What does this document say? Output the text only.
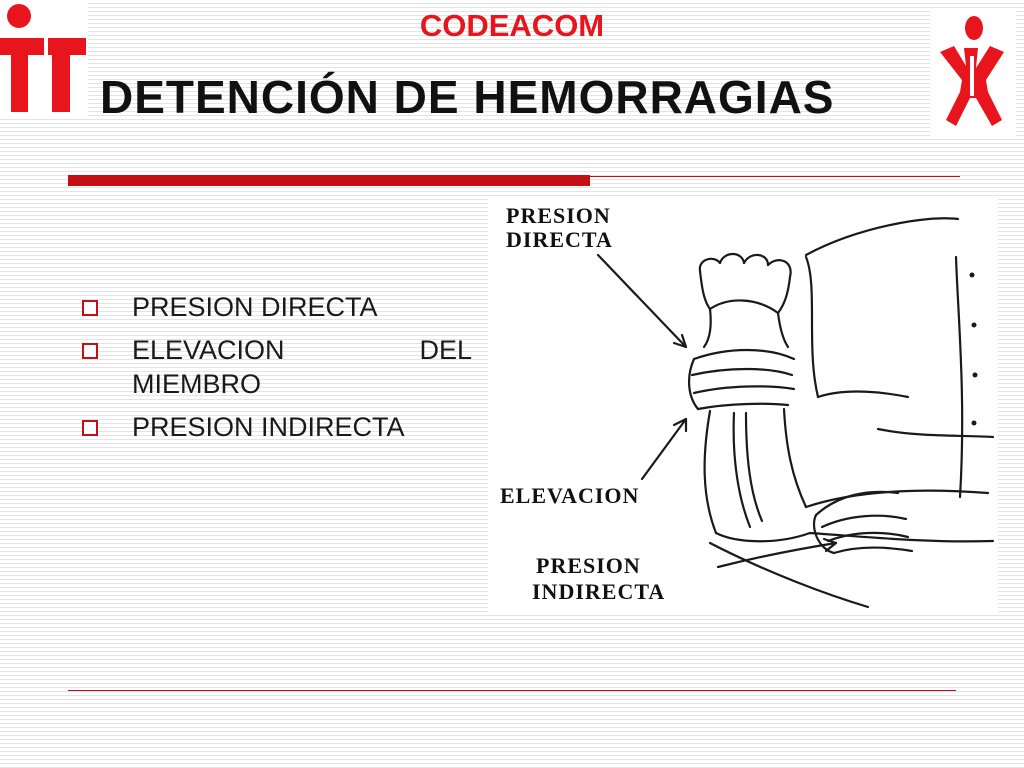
CODEACOM
DETENCIÓN DE HEMORRAGIAS
PRESION DIRECTA
ELEVACION DEL
MIEMBRO
PRESION INDIRECTA
PRESION
DIRECTA
ELEVACION
PRESION
INDIRECTA
